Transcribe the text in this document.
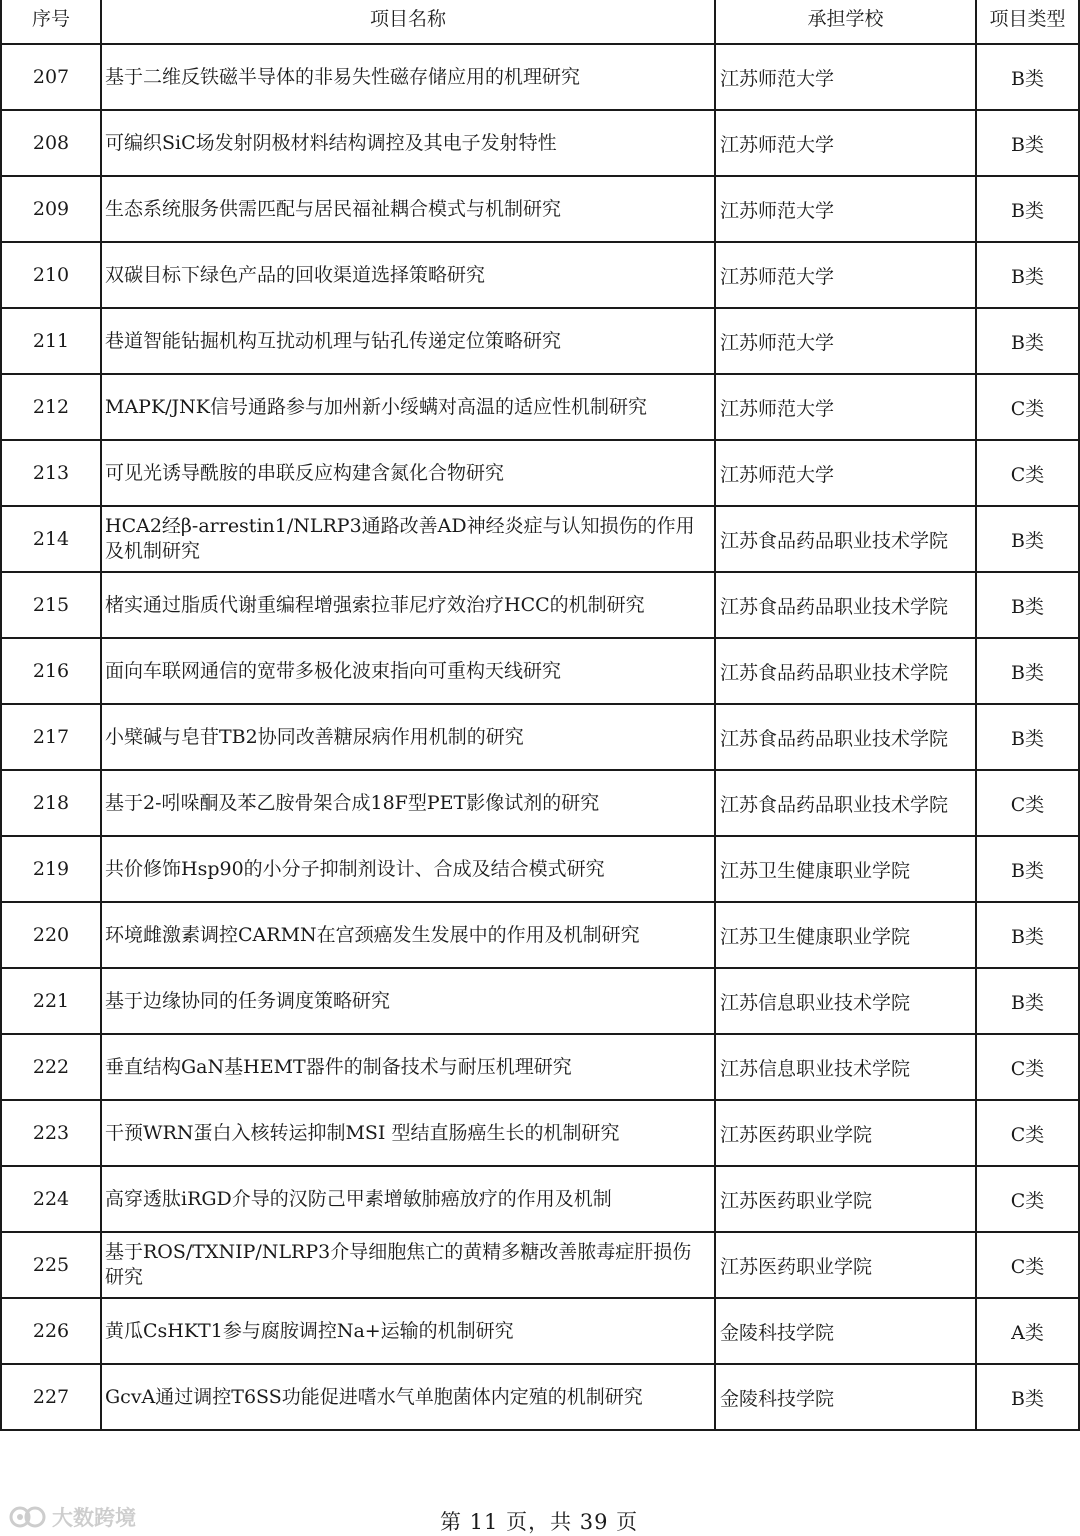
序号	项目名称	承担学校	项目类型
207	基于二维反铁磁半导体的非易失性磁存储应用的机理研究	江苏师范大学	B类
208	可编织SiC场发射阴极材料结构调控及其电子发射特性	江苏师范大学	B类
209	生态系统服务供需匹配与居民福祉耦合模式与机制研究	江苏师范大学	B类
210	双碳目标下绿色产品的回收渠道选择策略研究	江苏师范大学	B类
211	巷道智能钻掘机构互扰动机理与钻孔传递定位策略研究	江苏师范大学	B类
212	MAPK/JNK信号通路参与加州新小绥螨对高温的适应性机制研究	江苏师范大学	C类
213	可见光诱导酰胺的串联反应构建含氮化合物研究	江苏师范大学	C类
214	HCA2经β-arrestin1/NLRP3通路改善AD神经炎症与认知损伤的作用及机制研究	江苏食品药品职业技术学院	B类
215	楮实通过脂质代谢重编程增强索拉菲尼疗效治疗HCC的机制研究	江苏食品药品职业技术学院	B类
216	面向车联网通信的宽带多极化波束指向可重构天线研究	江苏食品药品职业技术学院	B类
217	小檗碱与皂苷TB2协同改善糖尿病作用机制的研究	江苏食品药品职业技术学院	B类
218	基于2-吲哚酮及苯乙胺骨架合成18F型PET影像试剂的研究	江苏食品药品职业技术学院	C类
219	共价修饰Hsp90的小分子抑制剂设计、合成及结合模式研究	江苏卫生健康职业学院	B类
220	环境雌激素调控CARMN在宫颈癌发生发展中的作用及机制研究	江苏卫生健康职业学院	B类
221	基于边缘协同的任务调度策略研究	江苏信息职业技术学院	B类
222	垂直结构GaN基HEMT器件的制备技术与耐压机理研究	江苏信息职业技术学院	C类
223	干预WRN蛋白入核转运抑制MSI 型结直肠癌生长的机制研究	江苏医药职业学院	C类
224	高穿透肽iRGD介导的汉防己甲素增敏肺癌放疗的作用及机制	江苏医药职业学院	C类
225	基于ROS/TXNIP/NLRP3介导细胞焦亡的黄精多糖改善脓毒症肝损伤研究	江苏医药职业学院	C类
226	黄瓜CsHKT1参与腐胺调控Na+运输的机制研究	金陵科技学院	A类
227	GcvA通过调控T6SS功能促进嗜水气单胞菌体内定殖的机制研究	金陵科技学院	B类
大数跨境	第 11 页，共 39 页
